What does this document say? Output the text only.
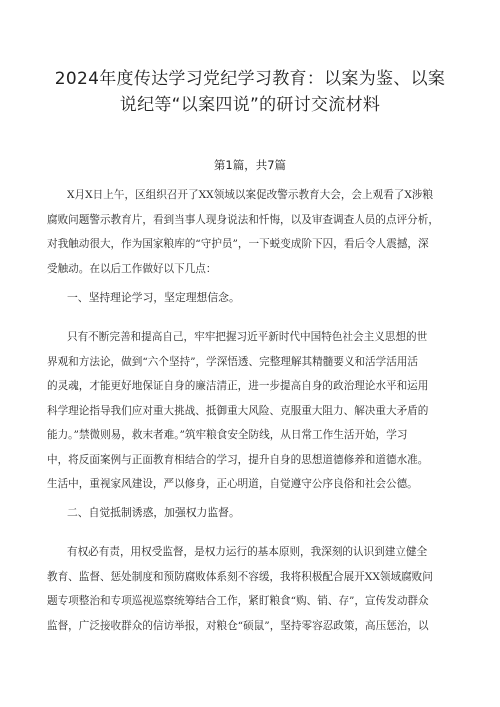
2024年度传达学习党纪学习教育：以案为鉴、以案
说纪等“以案四说”的研讨交流材料
第1篇，共7篇
X月X日上午，区组织召开了XX领域以案促改警示教育大会，会上观看了X涉粮
腐败问题警示教育片，看到当事人现身说法和忏悔，以及审查调查人员的点评分析，
对我触动很大，作为国家粮库的“守护员”，一下蜕变成阶下囚，看后令人震撼，深
受触动。在以后工作做好以下几点：
一、坚持理论学习，坚定理想信念。
只有不断完善和提高自己，牢牢把握习近平新时代中国特色社会主义思想的世
界观和方法论，做到“六个坚持”，学深悟透、完整理解其精髓要义和活学活用活
的灵魂，才能更好地保证自身的廉洁清正，进一步提高自身的政治理论水平和运用
科学理论指导我们应对重大挑战、抵御重大风险、克服重大阻力、解决重大矛盾的
能力。”禁微则易，救末者难。”筑牢粮食安全防线，从日常工作生活开始，学习
中，将反面案例与正面教育相结合的学习，提升自身的思想道德修养和道德水准。
生活中，重视家风建设，严以修身，正心明道，自觉遵守公序良俗和社会公德。
二、自觉抵制诱惑，加强权力监督。
有权必有责，用权受监督，是权力运行的基本原则，我深刻的认识到建立健全
教育、监督、惩处制度和预防腐败体系刻不容缓，我将积极配合展开XX领域腐败问
题专项整治和专项巡视巡察统筹结合工作，紧盯粮食“购、销、存”，宣传发动群众
监督，广泛接收群众的信访举报，对粮仓“硕鼠”，坚持零容忍政策，高压惩治，以
